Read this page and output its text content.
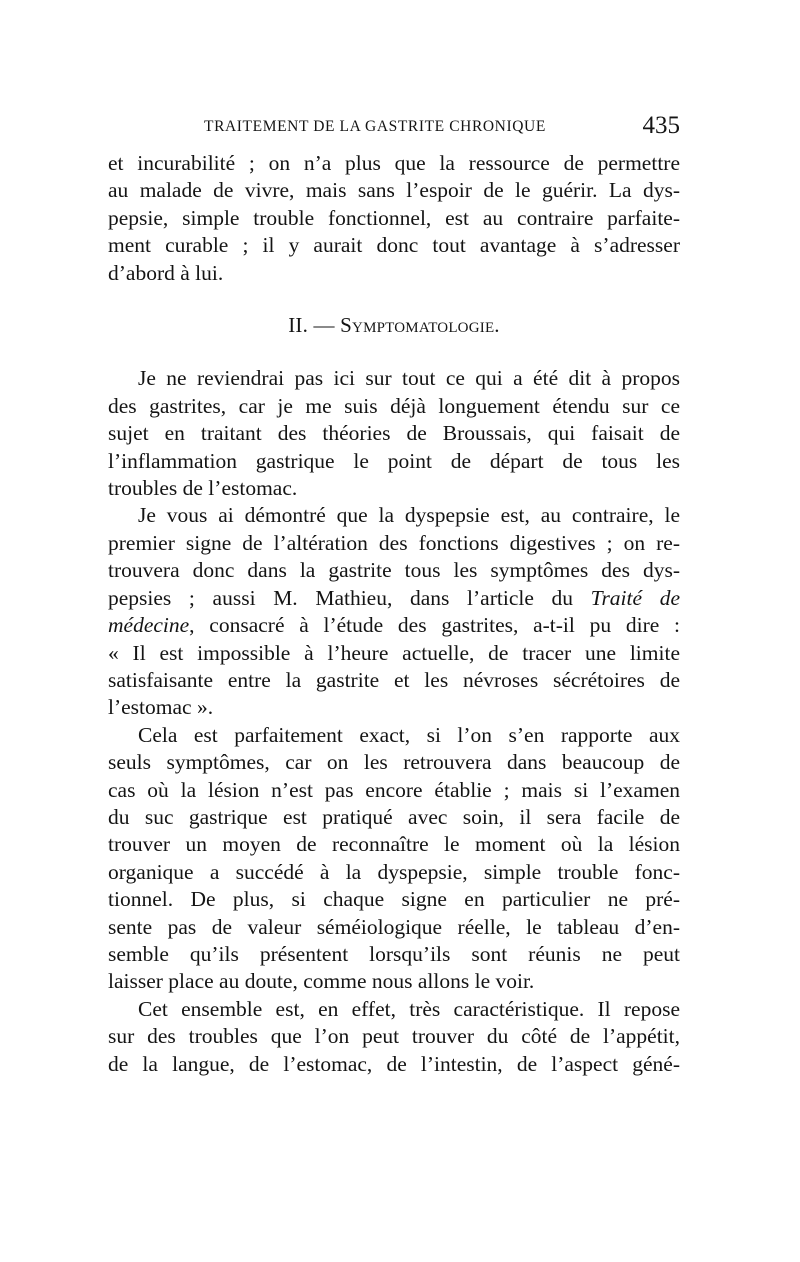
TRAITEMENT DE LA GASTRITE CHRONIQUE	435

et incurabilité ; on n’a plus que la ressource de permettre

au malade de vivre, mais sans l’espoir de le guérir. La dys-

pepsie, simple trouble fonctionnel, est au contraire parfaite-

ment curable ; il y aurait donc tout avantage à s’adresser

d’abord à lui.

II. — Symptomatologie.

Je ne reviendrai pas ici sur tout ce qui a été dit à propos

des gastrites, car je me suis déjà longuement étendu sur ce

sujet en traitant des théories de Broussais, qui faisait de

l’inflammation gastrique le point de départ de tous les

troubles de l’estomac.

Je vous ai démontré que la dyspepsie est, au contraire, le

premier signe de l’altération des fonctions digestives ; on re-

trouvera donc dans la gastrite tous les symptômes des dys-

pepsies ; aussi M. Mathieu, dans l’article du Traité de

médecine, consacré à l’étude des gastrites, a-t-il pu dire :

« Il est impossible à l’heure actuelle, de tracer une limite

satisfaisante entre la gastrite et les névroses sécrétoires de

l’estomac ».

Cela est parfaitement exact, si l’on s’en rapporte aux

seuls symptômes, car on les retrouvera dans beaucoup de

cas où la lésion n’est pas encore établie ; mais si l’examen

du suc gastrique est pratiqué avec soin, il sera facile de

trouver un moyen de reconnaître le moment où la lésion

organique a succédé à la dyspepsie, simple trouble fonc-

tionnel. De plus, si chaque signe en particulier ne pré-

sente pas de valeur séméiologique réelle, le tableau d’en-

semble qu’ils présentent lorsqu’ils sont réunis ne peut

laisser place au doute, comme nous allons le voir.

Cet ensemble est, en effet, très caractéristique. Il repose

sur des troubles que l’on peut trouver du côté de l’appétit,

de la langue, de l’estomac, de l’intestin, de l’aspect géné-
